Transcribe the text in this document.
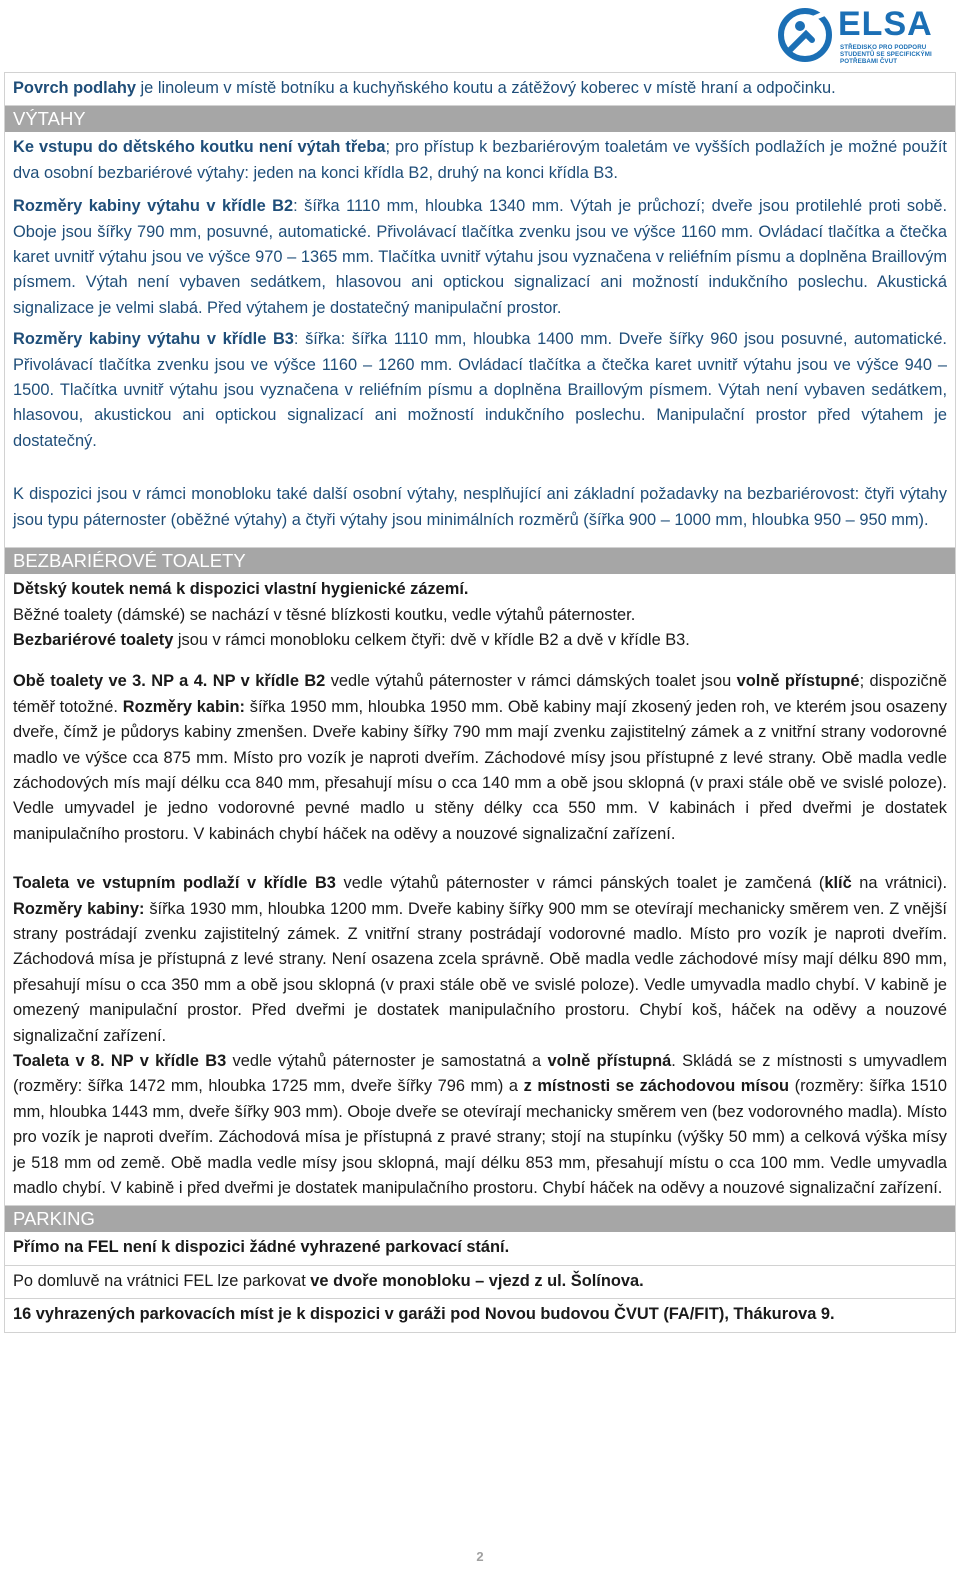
ELSA
STŘEDISKO PRO PODPORU STUDENTŮ SE SPECIFICKÝMI POTŘEBAMI ČVUT

Povrch podlahy je linoleum v místě botníku a kuchyňského koutu a zátěžový koberec v místě hraní a odpočinku.

VÝTAHY

Ke vstupu do dětského koutku není výtah třeba; pro přístup k bezbariérovým toaletám ve vyšších podlažích je možné použít dva osobní bezbariérové výtahy: jeden na konci křídla B2, druhý na konci křídla B3.

Rozměry kabiny výtahu v křídle B2: šířka 1110 mm, hloubka 1340 mm. Výtah je průchozí; dveře jsou protilehlé proti sobě. Oboje jsou šířky 790 mm, posuvné, automatické. Přivolávací tlačítka zvenku jsou ve výšce 1160 mm. Ovládací tlačítka a čtečka karet uvnitř výtahu jsou ve výšce 970 – 1365 mm. Tlačítka uvnitř výtahu jsou vyznačena v reliéfním písmu a doplněna Braillovým písmem. Výtah není vybaven sedátkem, hlasovou ani optickou signalizací ani možností indukčního poslechu. Akustická signalizace je velmi slabá. Před výtahem je dostatečný manipulační prostor.

Rozměry kabiny výtahu v křídle B3: šířka: šířka 1110 mm, hloubka 1400 mm. Dveře šířky 960 jsou posuvné, automatické. Přivolávací tlačítka zvenku jsou ve výšce 1160 – 1260 mm. Ovládací tlačítka a čtečka karet uvnitř výtahu jsou ve výšce 940 – 1500. Tlačítka uvnitř výtahu jsou vyznačena v reliéfním písmu a doplněna Braillovým písmem. Výtah není vybaven sedátkem, hlasovou, akustickou ani optickou signalizací ani možností indukčního poslechu. Manipulační prostor před výtahem je dostatečný.

K dispozici jsou v rámci monobloku také další osobní výtahy, nesplňující ani základní požadavky na bezbariérovost: čtyři výtahy jsou typu páternoster (oběžné výtahy) a čtyři výtahy jsou minimálních rozměrů (šířka 900 – 1000 mm, hloubka 950 – 950 mm).

BEZBARIÉROVÉ TOALETY

Dětský koutek nemá k dispozici vlastní hygienické zázemí.

Běžné toalety (dámské) se nachází v těsné blízkosti koutku, vedle výtahů páternoster.

Bezbariérové toalety jsou v rámci monobloku celkem čtyři: dvě v křídle B2 a dvě v křídle B3.

Obě toalety ve 3. NP a 4. NP v křídle B2 vedle výtahů páternoster v rámci dámských toalet jsou volně přístupné; dispozičně téměř totožné. Rozměry kabin: šířka 1950 mm, hloubka 1950 mm. Obě kabiny mají zkosený jeden roh, ve kterém jsou osazeny dveře, čímž je půdorys kabiny zmenšen. Dveře kabiny šířky 790 mm mají zvenku zajistitelný zámek a z vnitřní strany vodorovné madlo ve výšce cca 875 mm. Místo pro vozík je naproti dveřím. Záchodové mísy jsou přístupné z levé strany. Obě madla vedle záchodových mís mají délku cca 840 mm, přesahují mísu o cca 140 mm a obě jsou sklopná (v praxi stále obě ve svislé poloze). Vedle umyvadel je jedno vodorovné pevné madlo u stěny délky cca 550 mm. V kabinách i před dveřmi je dostatek manipulačního prostoru. V kabinách chybí háček na oděvy a nouzové signalizační zařízení.

Toaleta ve vstupním podlaží v křídle B3 vedle výtahů páternoster v rámci pánských toalet je zamčená (klíč na vrátnici). Rozměry kabiny: šířka 1930 mm, hloubka 1200 mm. Dveře kabiny šířky 900 mm se otevírají mechanicky směrem ven. Z vnější strany postrádají zvenku zajistitelný zámek. Z vnitřní strany postrádají vodorovné madlo. Místo pro vozík je naproti dveřím. Záchodová mísa je přístupná z levé strany. Není osazena zcela správně. Obě madla vedle záchodové mísy mají délku 890 mm, přesahují mísu o cca 350 mm a obě jsou sklopná (v praxi stále obě ve svislé poloze). Vedle umyvadla madlo chybí. V kabině je omezený manipulační prostor. Před dveřmi je dostatek manipulačního prostoru. Chybí koš, háček na oděvy a nouzové signalizační zařízení.

Toaleta v 8. NP v křídle B3 vedle výtahů páternoster je samostatná a volně přístupná. Skládá se z místnosti s umyvadlem (rozměry: šířka 1472 mm, hloubka 1725 mm, dveře šířky 796 mm) a z místnosti se záchodovou mísou (rozměry: šířka 1510 mm, hloubka 1443 mm, dveře šířky 903 mm). Oboje dveře se otevírají mechanicky směrem ven (bez vodorovného madla). Místo pro vozík je naproti dveřím. Záchodová mísa je přístupná z pravé strany; stojí na stupínku (výšky 50 mm) a celková výška mísy je 518 mm od země. Obě madla vedle mísy jsou sklopná, mají délku 853 mm, přesahují místu o cca 100 mm. Vedle umyvadla madlo chybí. V kabině i před dveřmi je dostatek manipulačního prostoru. Chybí háček na oděvy a nouzové signalizační zařízení.

PARKING

Přímo na FEL není k dispozici žádné vyhrazené parkovací stání.

Po domluvě na vrátnici FEL lze parkovat ve dvoře monobloku – vjezd z ul. Šolínova.

16 vyhrazených parkovacích míst je k dispozici v garáži pod Novou budovou ČVUT (FA/FIT), Thákurova 9.

2
